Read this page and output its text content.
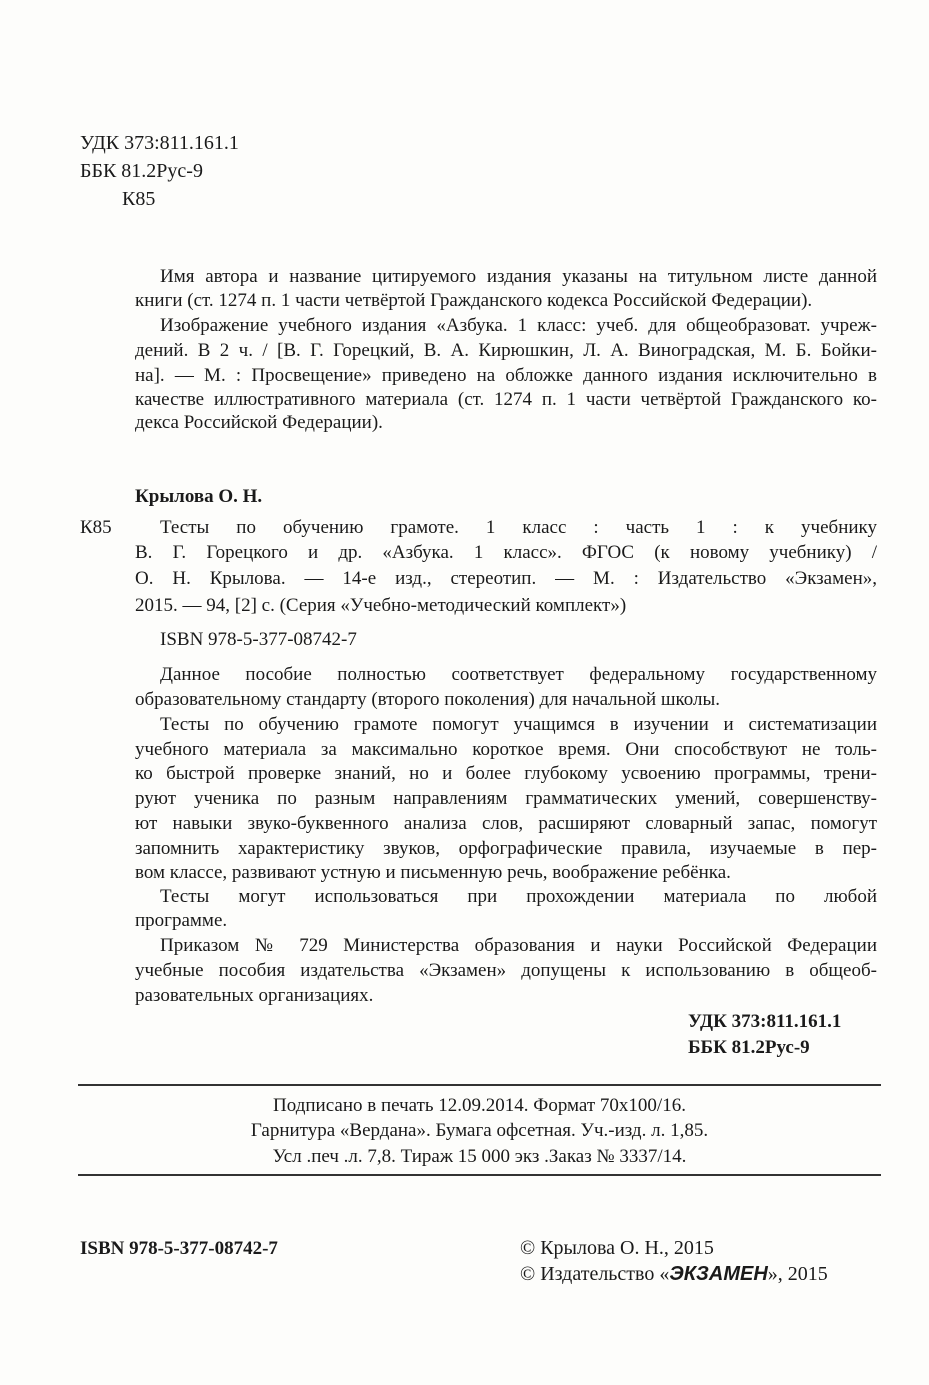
УДК 373:811.161.1
ББК 81.2Рус-9
К85
Имя автора и название цитируемого издания указаны на титульном листе данной
книги (ст. 1274 п. 1 части четвёртой Гражданского кодекса Российской Федерации).
Изображение учебного издания «Азбука. 1 класс: учеб. для общеобразоват. учреж-
дений. В 2 ч. / [В. Г. Горецкий, В. А. Кирюшкин, Л. А. Виноградская, М. Б. Бойки-
на]. — М. : Просвещение» приведено на обложке данного издания исключительно в
качестве иллюстративного материала (ст. 1274 п. 1 части четвёртой Гражданского ко-
декса Российской Федерации).
Крылова О. Н.
К85	Тесты по обучению грамоте. 1 класс : часть 1 : к учебнику
В. Г. Горецкого и др. «Азбука. 1 класс». ФГОС (к новому учебнику) /
О. Н. Крылова. — 14-е изд., стереотип. — М. : Издательство «Экзамен»,
2015. — 94, [2] с. (Серия «Учебно-методический комплект»)
ISBN 978-5-377-08742-7
Данное пособие полностью соответствует федеральному государственному
образовательному стандарту (второго поколения) для начальной школы.
Тесты по обучению грамоте помогут учащимся в изучении и систематизации
учебного материала за максимально короткое время. Они способствуют не толь-
ко быстрой проверке знаний, но и более глубокому усвоению программы, трени-
руют ученика по разным направлениям грамматических умений, совершенству-
ют навыки звуко-буквенного анализа слов, расширяют словарный запас, помогут
запомнить характеристику звуков, орфографические правила, изучаемые в пер-
вом классе, развивают устную и письменную речь, воображение ребёнка.
Тесты могут использоваться при прохождении материала по любой
программе.
Приказом № 729 Министерства образования и науки Российской Федерации
учебные пособия издательства «Экзамен» допущены к использованию в общеоб-
разовательных организациях.
УДК 373:811.161.1
ББК 81.2Рус-9
Подписано в печать 12.09.2014. Формат 70x100/16.
Гарнитура «Вердана». Бумага офсетная. Уч.-изд. л. 1,85.
Усл .печ .л. 7,8. Тираж 15 000 экз .Заказ № 3337/14.
ISBN 978-5-377-08742-7	© Крылова О. Н., 2015
© Издательство «ЭКЗАМЕН», 2015
